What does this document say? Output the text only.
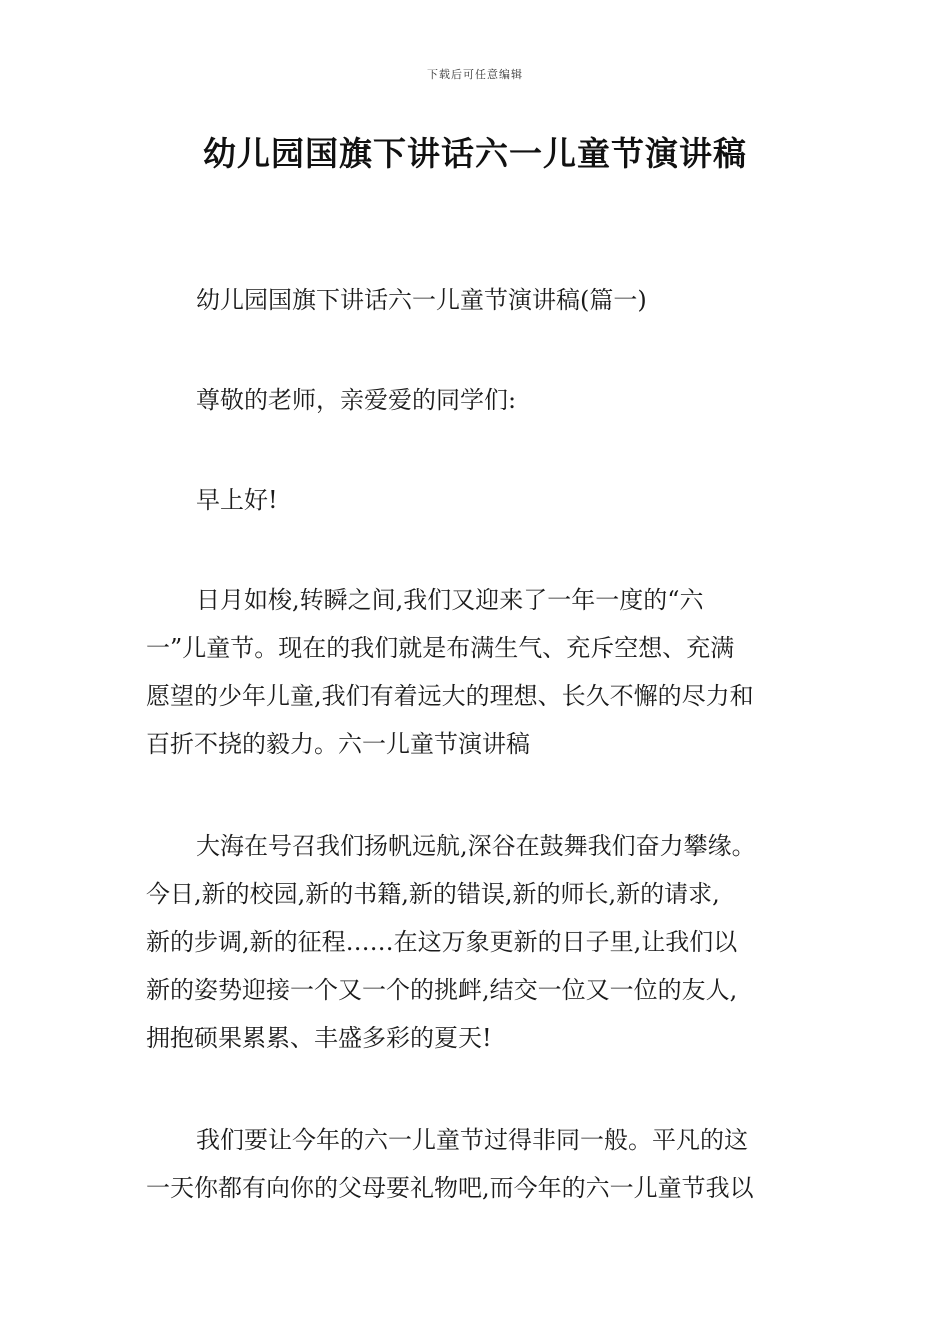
下载后可任意编辑
幼儿园国旗下讲话六一儿童节演讲稿
幼儿园国旗下讲话六一儿童节演讲稿(篇一)
尊敬的老师，亲爱爱的同学们:
早上好!
日月如梭,转瞬之间,我们又迎来了一年一度的“六
一”儿童节。现在的我们就是布满生气、充斥空想、充满
愿望的少年儿童,我们有着远大的理想、长久不懈的尽力和
百折不挠的毅力。六一儿童节演讲稿
大海在号召我们扬帆远航,深谷在鼓舞我们奋力攀缘。
今日,新的校园,新的书籍,新的错误,新的师长,新的请求,
新的步调,新的征程……在这万象更新的日子里,让我们以
新的姿势迎接一个又一个的挑衅,结交一位又一位的友人,
拥抱硕果累累、丰盛多彩的夏天!
我们要让今年的六一儿童节过得非同一般。平凡的这
一天你都有向你的父母要礼物吧,而今年的六一儿童节我以
